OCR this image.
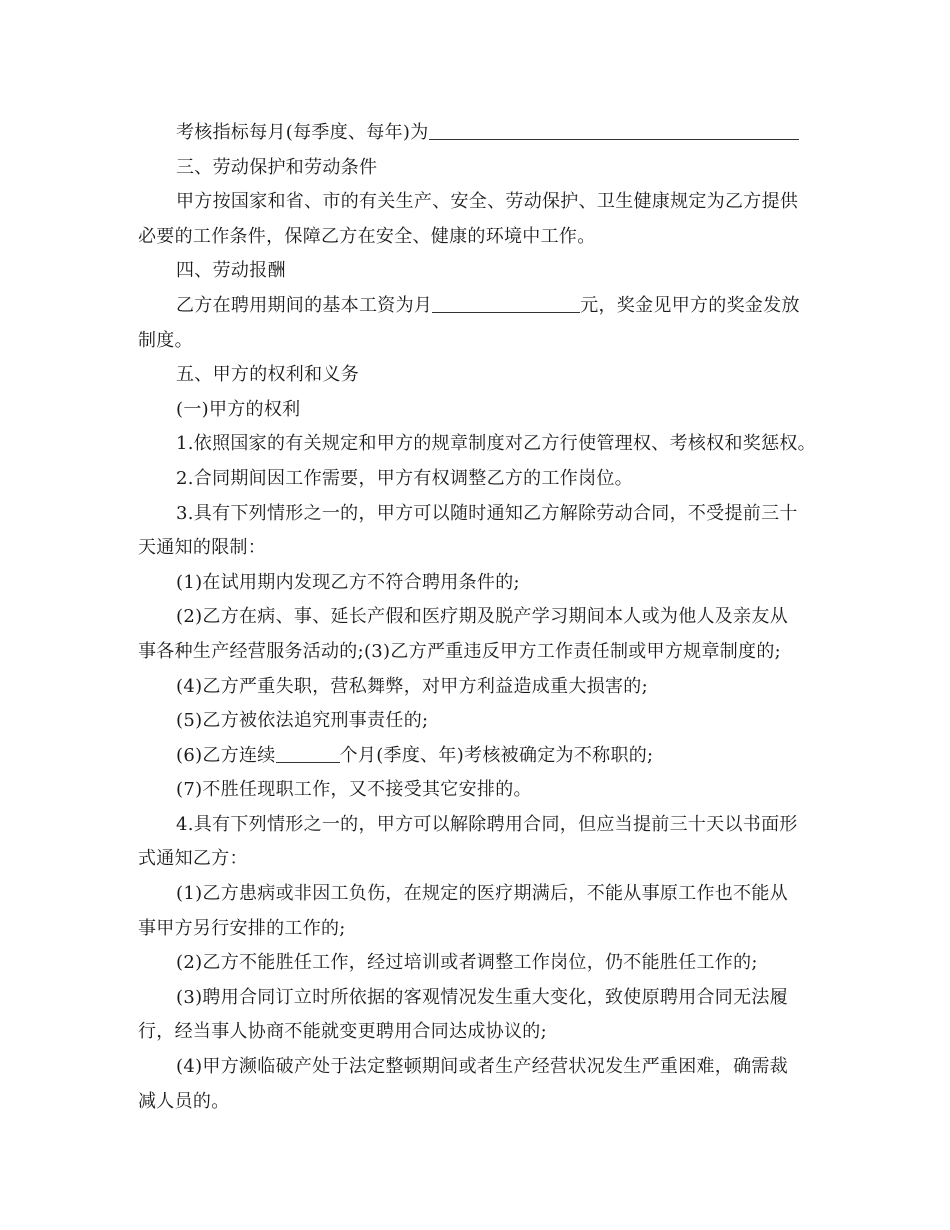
考核指标每月(每季度、每年)为
三、劳动保护和劳动条件
甲方按国家和省、市的有关生产、安全、劳动保护、卫生健康规定为乙方提供
必要的工作条件，保障乙方在安全、健康的环境中工作。
四、劳动报酬
乙方在聘用期间的基本工资为月	元，奖金见甲方的奖金发放
制度。
五、甲方的权利和义务
(一)甲方的权利
1.依照国家的有关规定和甲方的规章制度对乙方行使管理权、考核权和奖惩权。
2.合同期间因工作需要，甲方有权调整乙方的工作岗位。
3.具有下列情形之一的，甲方可以随时通知乙方解除劳动合同，不受提前三十
天通知的限制：
(1)在试用期内发现乙方不符合聘用条件的;
(2)乙方在病、事、延长产假和医疗期及脱产学习期间本人或为他人及亲友从
事各种生产经营服务活动的;(3)乙方严重违反甲方工作责任制或甲方规章制度的;
(4)乙方严重失职，营私舞弊，对甲方利益造成重大损害的;
(5)乙方被依法追究刑事责任的;
(6)乙方连续	个月(季度、年)考核被确定为不称职的;
(7)不胜任现职工作，又不接受其它安排的。
4.具有下列情形之一的，甲方可以解除聘用合同，但应当提前三十天以书面形
式通知乙方：
(1)乙方患病或非因工负伤，在规定的医疗期满后，不能从事原工作也不能从
事甲方另行安排的工作的;
(2)乙方不能胜任工作，经过培训或者调整工作岗位，仍不能胜任工作的;
(3)聘用合同订立时所依据的客观情况发生重大变化，致使原聘用合同无法履
行，经当事人协商不能就变更聘用合同达成协议的;
(4)甲方濒临破产处于法定整顿期间或者生产经营状况发生严重困难，确需裁
减人员的。
